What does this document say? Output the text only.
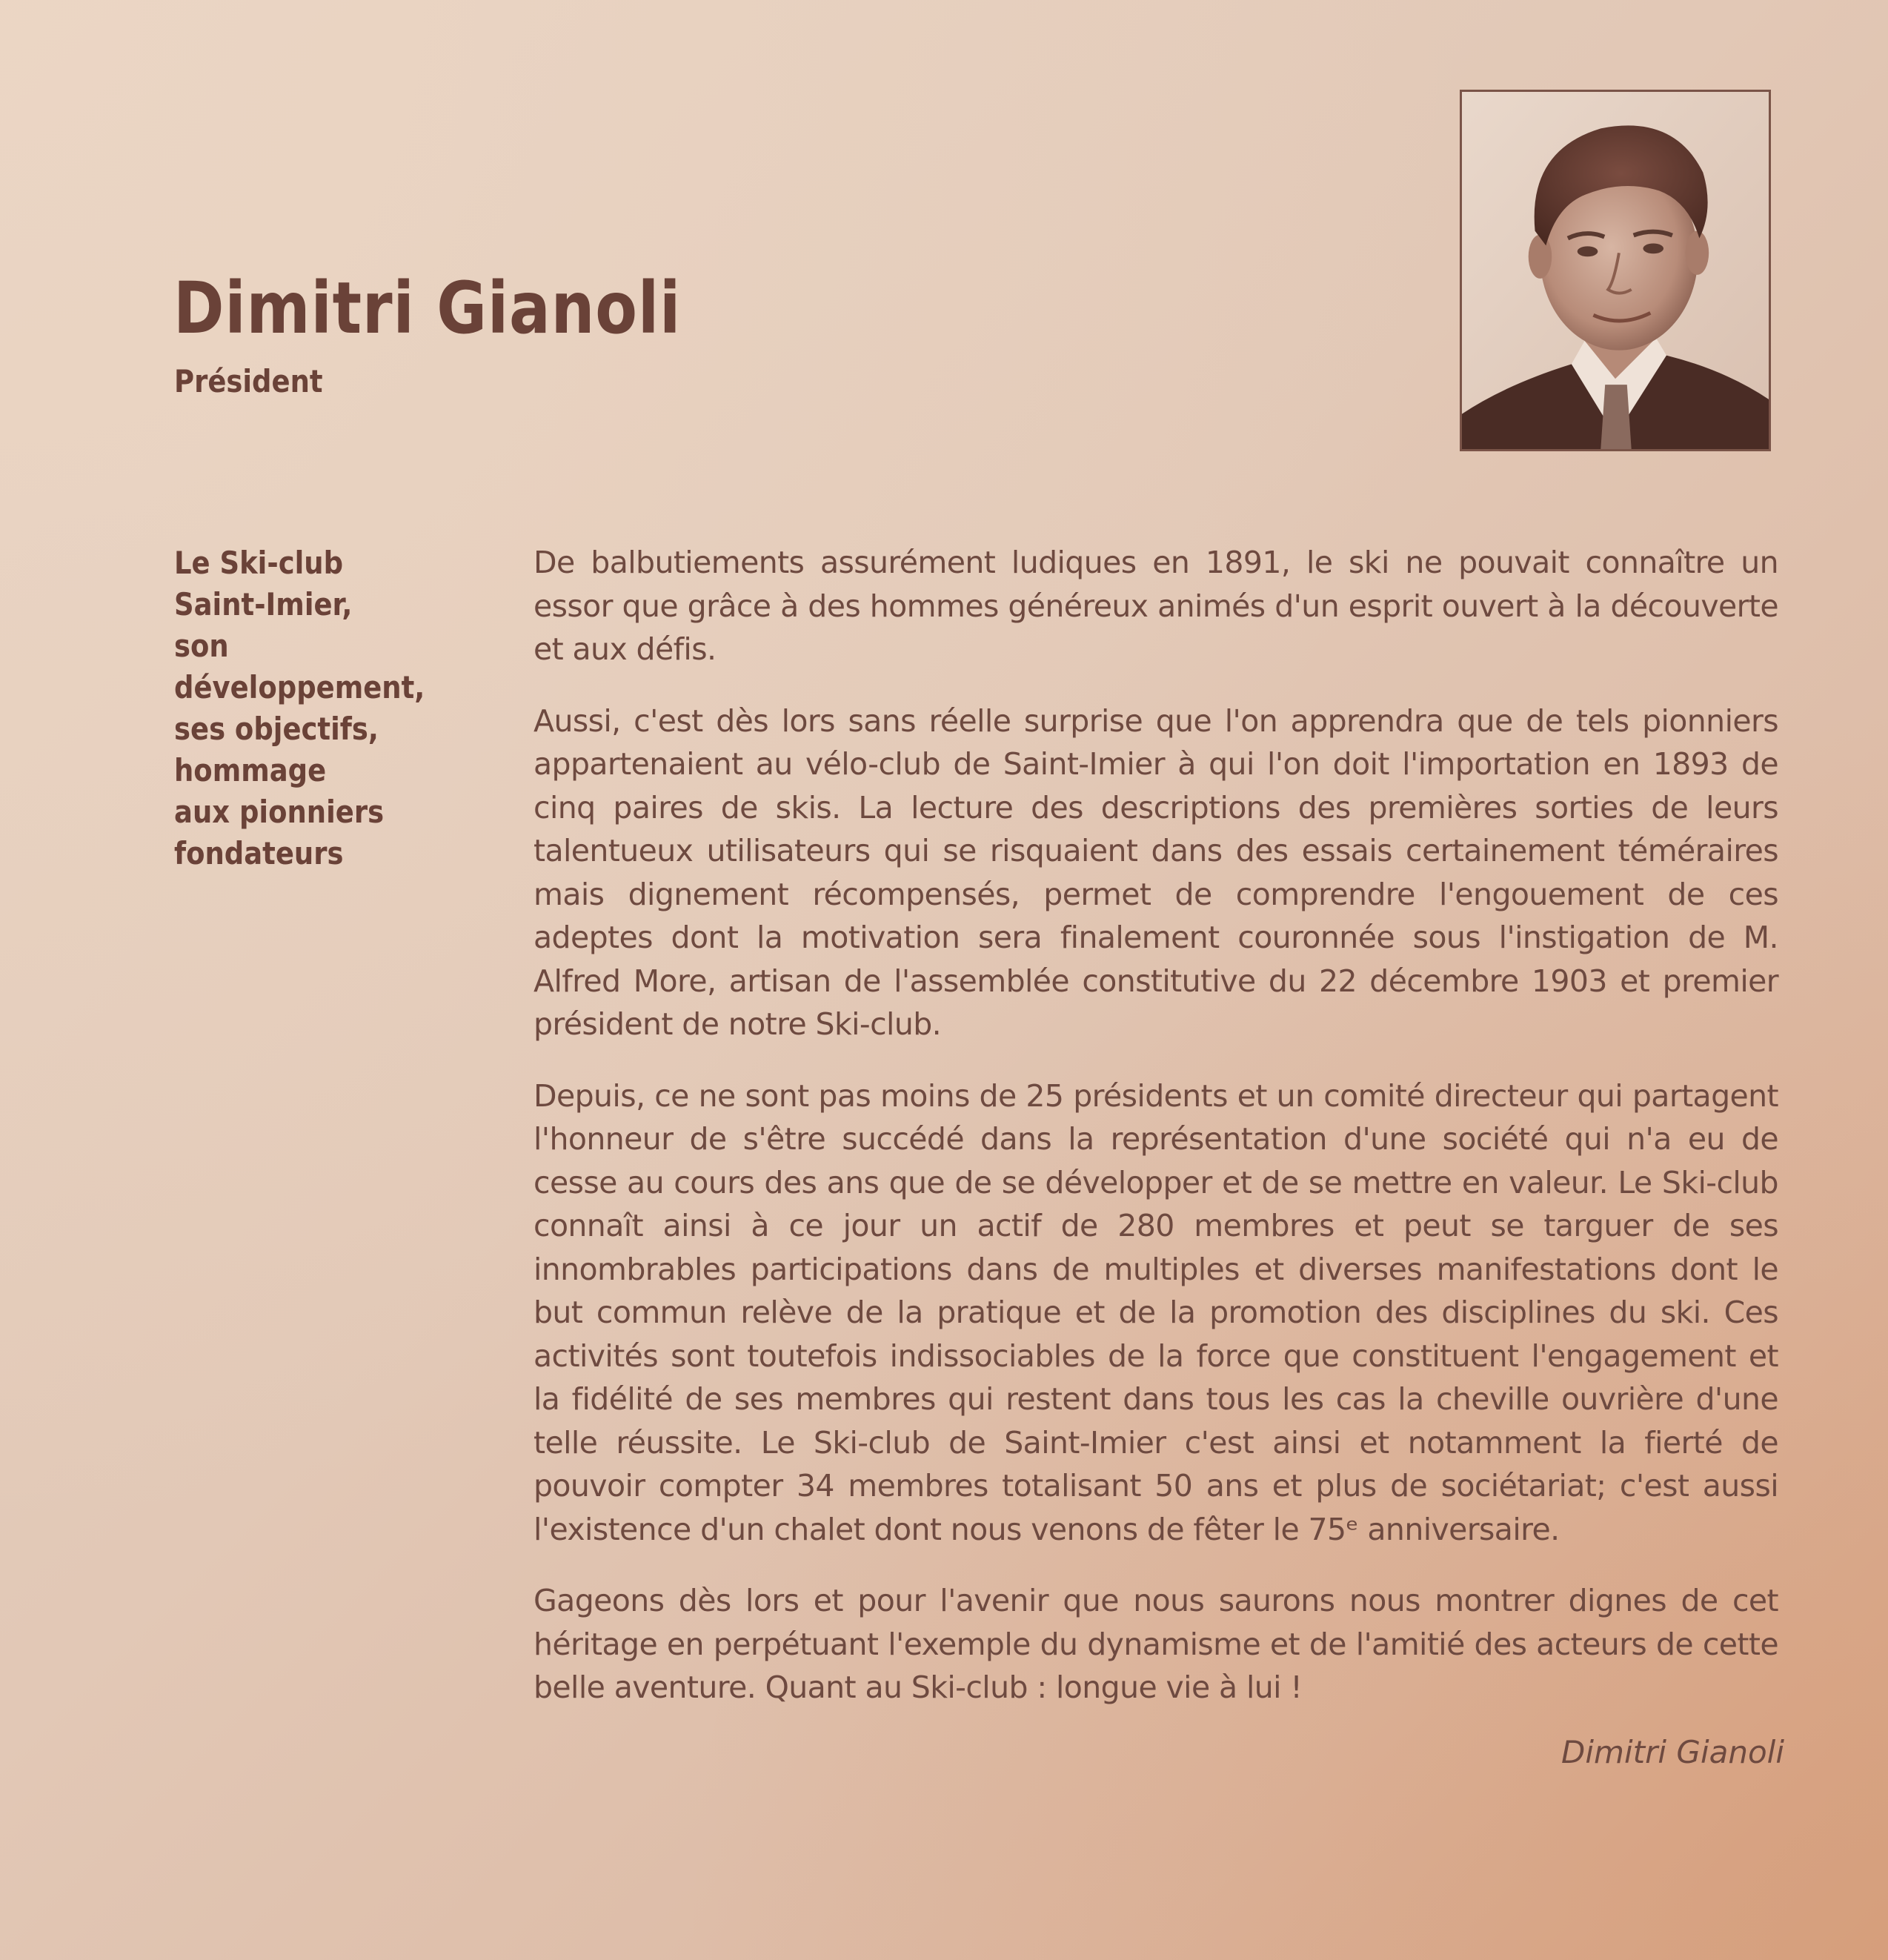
Dimitri Gianoli
Président
Le Ski-club
Saint-Imier,
son
développement,
ses objectifs,
hommage
aux pionniers
fondateurs

De balbutiements assurément ludiques en 1891, le ski ne pouvait connaître un essor que grâce à des hommes généreux animés d'un esprit ouvert à la découverte et aux défis.

Aussi, c'est dès lors sans réelle surprise que l'on apprendra que de tels pionniers appartenaient au vélo-club de Saint-Imier à qui l'on doit l'importation en 1893 de cinq paires de skis. La lecture des descriptions des premières sorties de leurs talentueux utilisateurs qui se risquaient dans des essais certainement téméraires mais dignement récompensés, permet de comprendre l'engouement de ces adeptes dont la motivation sera finalement couronnée sous l'instigation de M. Alfred More, artisan de l'assemblée constitutive du 22 décembre 1903 et premier président de notre Ski-club.

Depuis, ce ne sont pas moins de 25 présidents et un comité directeur qui partagent l'honneur de s'être succédé dans la représentation d'une société qui n'a eu de cesse au cours des ans que de se développer et de se mettre en valeur. Le Ski-club connaît ainsi à ce jour un actif de 280 membres et peut se targuer de ses innombrables participations dans de multiples et diverses manifestations dont le but commun relève de la pratique et de la promotion des disciplines du ski. Ces activités sont toutefois indissociables de la force que constituent l'engagement et la fidélité de ses membres qui restent dans tous les cas la cheville ouvrière d'une telle réussite. Le Ski-club de Saint-Imier c'est ainsi et notamment la fierté de pouvoir compter 34 membres totalisant 50 ans et plus de sociétariat; c'est aussi l'existence d'un chalet dont nous venons de fêter le 75ᵉ anniversaire.

Gageons dès lors et pour l'avenir que nous saurons nous montrer dignes de cet héritage en perpétuant l'exemple du dynamisme et de l'amitié des acteurs de cette belle aventure. Quant au Ski-club : longue vie à lui !

Dimitri Gianoli
